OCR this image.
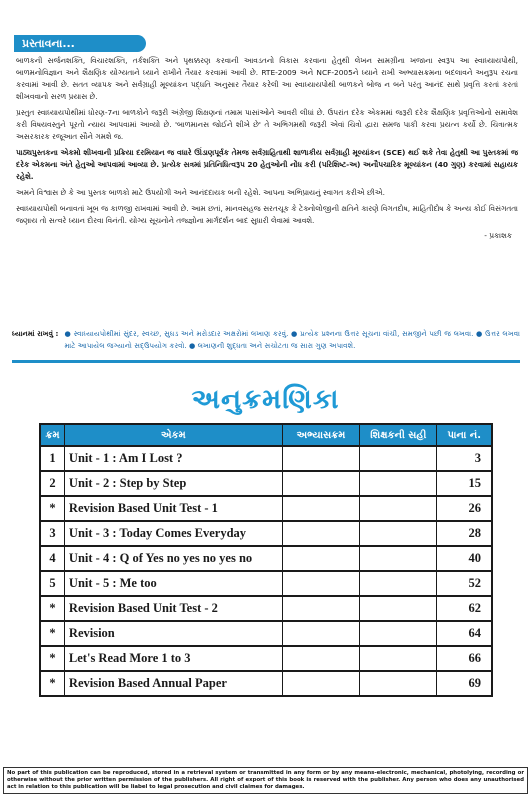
પ્રસ્તાવના...

બાળકની સર્જનશક્તિ, વિચારશક્તિ, તર્કશક્તિ અને પૃથક્કરણ કરવાની આવડતનો વિકાસ કરવાના હેતુથી લેખન સામગ્રીના ખજાના સ્વરૂપ આ સ્વાધ્યાયપોથી, બાળમનોવિજ્ઞાન અને શૈક્ષણિક યોગ્યતાને ધ્યાને રાખીને તૈયાર કરવામાં આવી છે. RTE-2009 અને NCF-2005ને ધ્યાને રાખી અભ્યાસક્રમના બદલાવને અનુરૂપ રચના કરવામાં આવી છે. સતત વ્યાપક અને સર્વગ્રાહી મૂલ્યાંકન પદ્ધતિ અનુસાર તૈયાર કરેલી આ સ્વાધ્યાયપોથી બાળકને બોજ ન બને પરંતુ આનંદ સાથે પ્રવૃત્તિ કરતાં કરતાં શીખવવાનો સરળ પ્રયાસ છે.

પ્રસ્તુત સ્વાધ્યાયપોથીમાં ધોરણ-7ના બાળકોને જરૂરી અંગ્રેજી શિક્ષણનાં તમામ પાસાંઓને આવરી લીધાં છે. ઉપરાંત દરેક એકમમાં જરૂરી દરેક શૈક્ષણિક પ્રવૃત્તિઓનો સમાવેશ કરી વિષયવસ્તુને પૂરતો ન્યાય આપવામાં આવ્યો છે. 'બાળમાનસ જોઈને શીખે છે' તે અભિગમથી જરૂરી એવાં ચિત્રો દ્વારા સમજ પાકી કરવા પ્રયત્ન કર્યો છે. ચિત્રાત્મક અસરકારક રજૂઆત સૌને ગમશે જ.

પાઠ્યપુસ્તકના એકમો શીખવાની પ્રક્રિયા દરમિયાન જ વધારે ઊંડાણપૂર્વક તેમજ સર્વગ્રાહિતાથી શાળાકીય સર્વગ્રાહી મૂલ્યાંકન (SCE) થઈ શકે તેવા હેતુથી આ પુસ્તકમાં જ દરેક એકમના અંતે હેતુઓ આપવામાં આવ્યા છે. પ્રત્યેક સત્રમાં પ્રતિનિધિત્વરૂપ 20 હેતુઓની નોંધ કરી (પરિશિષ્ટ-અ) અનૌપચારિક મૂલ્યાંકન (40 ગુણ) કરવામાં સહાયક રહેશે.

અમને વિશ્વાસ છે કે આ પુસ્તક બાળકો માટે ઉપયોગી અને આનંદદાયક બની રહેશે. આપના અભિપ્રાયનું સ્વાગત કરીએ છીએ.

સ્વાધ્યાયપોથી બનાવતાં ખૂબ જ કાળજી રાખવામાં આવી છે. આમ છતાં, માનવસહજ સરતચૂક કે ટેક્નોલોજીની ક્ષતિને કારણે વિગતદોષ, માહિતીદોષ કે અન્ય કોઈ વિસંગતતા જણાય તો સત્વરે ધ્યાન દોરવા વિનંતી. યોગ્ય સૂચનોને તજ્જ્ઞોના માર્ગદર્શન બાદ સુધારી લેવામાં આવશે.

- પ્રકાશક
ધ્યાનમાં રાખવું : ● સ્વાધ્યાયપોથીમાં સુંદર, સ્વચ્છ, સુઘડ અને મરોડદાર અક્ષરોમાં લખાણ કરવું. ● પ્રત્યેક પ્રશ્નના ઉત્તર સૂચના વાંચી, સમજીને પછી જ લખવા. ● ઉત્તર લખવા માટે આપાયેલ જગ્યાનો સદ્ઉપયોગ કરવો. ● લખાણની શુદ્ધતા અને સચોટતા જ સારા ગુણ અપાવશે.
અનુક્રમણિકા
ક્રમ	એકમ	અભ્યાસક્રમ	શિક્ષકની સહી	પાના નં.
1	Unit - 1 : Am I Lost ?			3
2	Unit - 2 : Step by Step			15
*	Revision Based Unit Test - 1			26
3	Unit - 3 : Today Comes Everyday			28
4	Unit - 4 : Q of Yes no yes no yes no			40
5	Unit - 5 : Me too			52
*	Revision Based Unit Test - 2			62
*	Revision			64
*	Let's Read More 1 to 3			66
*	Revision Based Annual Paper			69
No part of this publication can be reproduced, stored in a retrieval system or transmitted in any form or by any means-electronic, mechanical, photolying, recording or otherwise without the prior written permission of the publishers. All right of export of this book is reserved with the publisher. Any person who does any unauthorised act in relation to this publication will be liabel to legal prosecution and civil claimes for damages.
